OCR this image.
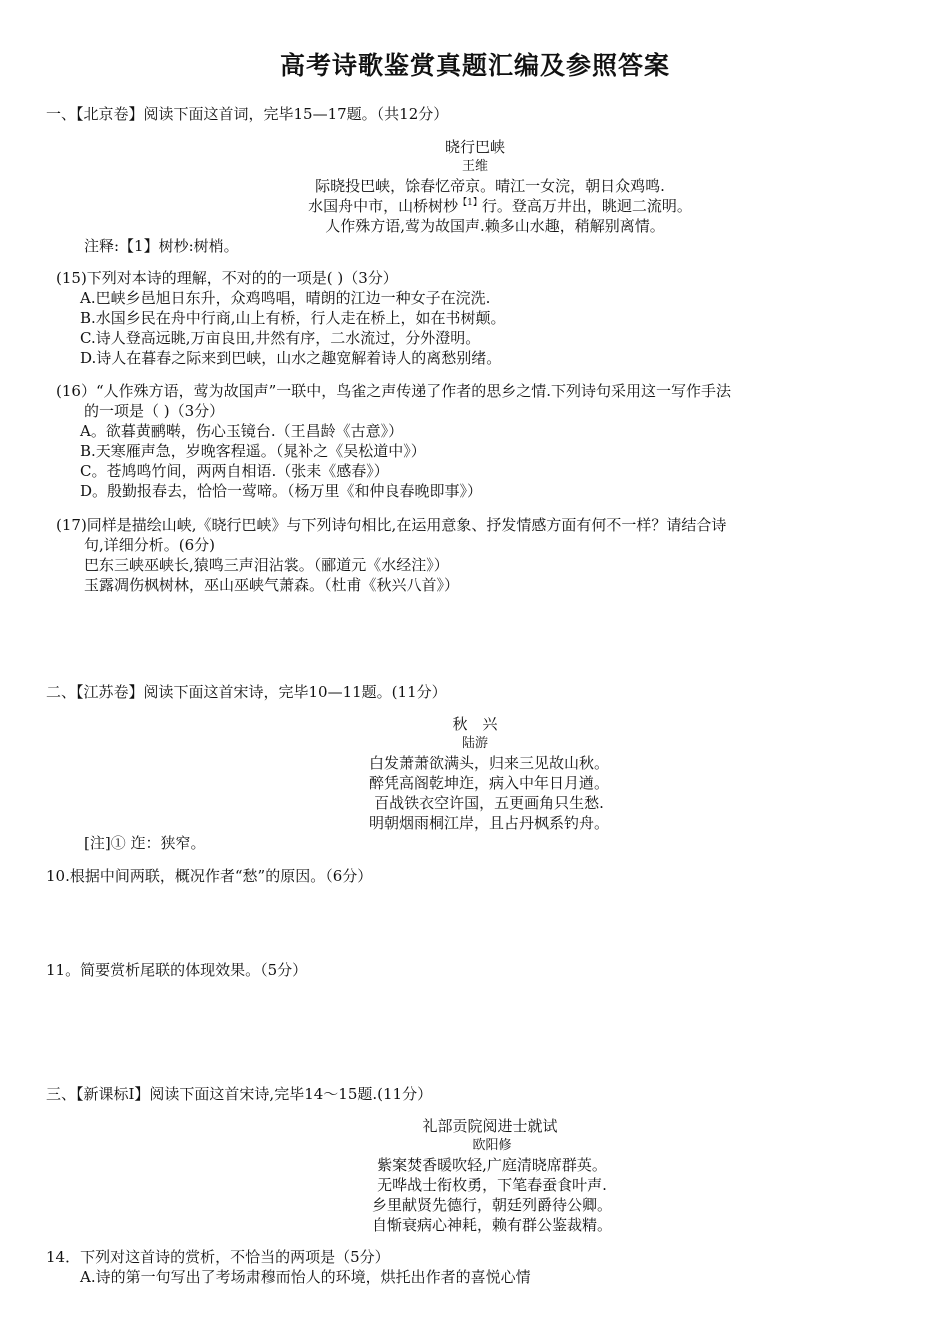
高考诗歌鉴赏真题汇编及参照答案
一、【北京卷】阅读下面这首词，完毕15—17题。（共12分）
晓行巴峡
王维
际晓投巴峡，馀春忆帝京。晴江一女浣，朝日众鸡鸣.
水国舟中市，山桥树杪$^{【1】}$行。登高万井出，眺迥二流明。
人作殊方语,莺为故国声.赖多山水趣，稍解别离情。
注释:【1】树杪:树梢。
(15)下列对本诗的理解，不对的的一项是( )（3分）
A.巴峡乡邑旭日东升，众鸡鸣唱，晴朗的江边一种女子在浣洗.
B.水国乡民在舟中行商,山上有桥，行人走在桥上，如在书树颠。
C.诗人登高远眺,万亩良田,井然有序，二水流过，分外澄明。
D.诗人在暮春之际来到巴峡，山水之趣宽解着诗人的离愁别绪。
(16）“人作殊方语，莺为故国声”一联中，鸟雀之声传递了作者的思乡之情.下列诗句采用这一写作手法
的一项是（ )（3分）
A。欲暮黄鹂啭，伤心玉镜台.（王昌龄《古意》）
B.天寒雁声急，岁晚客程遥。（晁补之《吴松道中》）
C。苍鸠鸣竹间，两两自相语.（张耒《感春》）
D。殷勤报春去，恰恰一莺啼。（杨万里《和仲良春晚即事》）
(17)同样是描绘山峡,《晓行巴峡》与下列诗句相比,在运用意象、抒发情感方面有何不一样？请结合诗
句,详细分析。(6分)
巴东三峡巫峡长,猿鸣三声泪沾裳。（郦道元《水经注》）
玉露凋伤枫树林，巫山巫峡气萧森。（杜甫《秋兴八首》）
二、【江苏卷】阅读下面这首宋诗，完毕10—11题。(11分）
秋　兴
陆游
白发萧萧欲满头，归来三见故山秋。
醉凭高阁乾坤迮，病入中年日月遒。
百战铁衣空许国，五更画角只生愁.
明朝烟雨桐江岸，且占丹枫系钓舟。
[注]① 迮：狭窄。
10.根据中间两联，概况作者“愁”的原因。（6分）
11。简要赏析尾联的体现效果。（5分）
三、【新课标Ⅰ】阅读下面这首宋诗,完毕14～15题.(11分）
礼部贡院阅进士就试
欧阳修
紫案焚香暖吹轻,广庭清晓席群英。
无哗战士衔枚勇，下笔春蚕食叶声.
乡里献贤先德行，朝廷列爵待公卿。
自惭衰病心神耗，赖有群公鉴裁精。
14．下列对这首诗的赏析，不恰当的两项是（5分）
A.诗的第一句写出了考场肃穆而怡人的环境，烘托出作者的喜悦心情
